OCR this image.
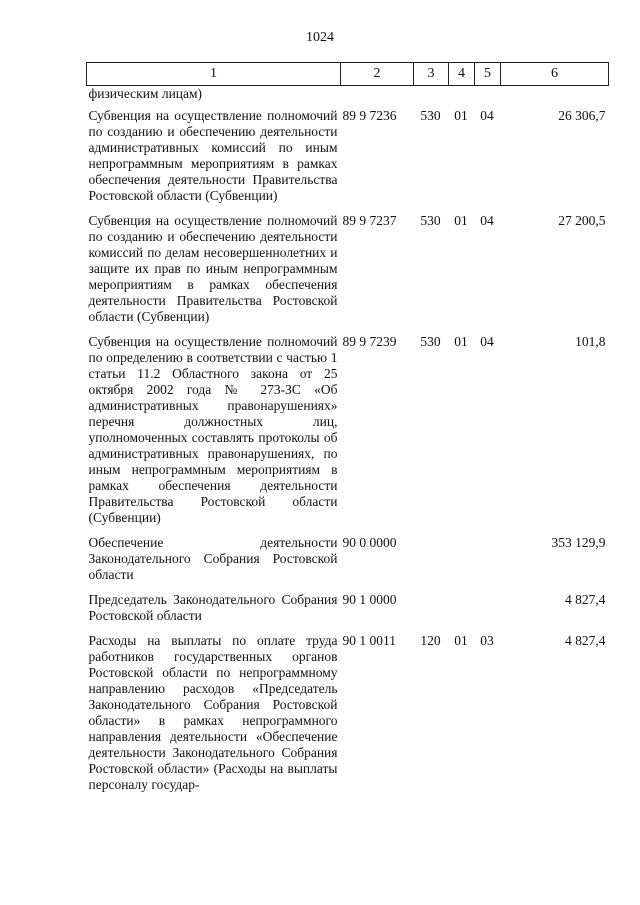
1024
1	2	3	4	5	6
физическим лицам)					
Субвенция на осуществление полномочий по созданию и обеспечению деятельности административных комиссий по иным непрограммным мероприятиям в рамках обеспечения деятельности Правительства Ростовской области (Субвенции)	89 9 7236	530	01	04	26 306,7
Субвенция на осуществление полномочий по созданию и обеспечению деятельности комиссий по делам несовершеннолетних и защите их прав по иным непрограммным мероприятиям в рамках обеспечения деятельности Правительства Ростовской области (Субвенции)	89 9 7237	530	01	04	27 200,5
Субвенция на осуществление полномочий по определению в соответствии с частью 1 статьи 11.2 Областного закона от 25 октября 2002 года № 273-ЗС «Об административных правонарушениях» перечня должностных лиц, уполномоченных составлять протоколы об административных правонарушениях, по иным непрограммным мероприятиям в рамках обеспечения деятельности Правительства Ростовской области (Субвенции)	89 9 7239	530	01	04	101,8
Обеспечение деятельности Законодательного Собрания Ростовской области	90 0 0000				353 129,9
Председатель Законодательного Собрания Ростовской области	90 1 0000				4 827,4
Расходы на выплаты по оплате труда работников государственных органов Ростовской области по непрограммному направлению расходов «Председатель Законодательного Собрания Ростовской области» в рамках непрограммного направления деятельности «Обеспечение деятельности Законодательного Собрания Ростовской области» (Расходы на выплаты персоналу государ-	90 1 0011	120	01	03	4 827,4
